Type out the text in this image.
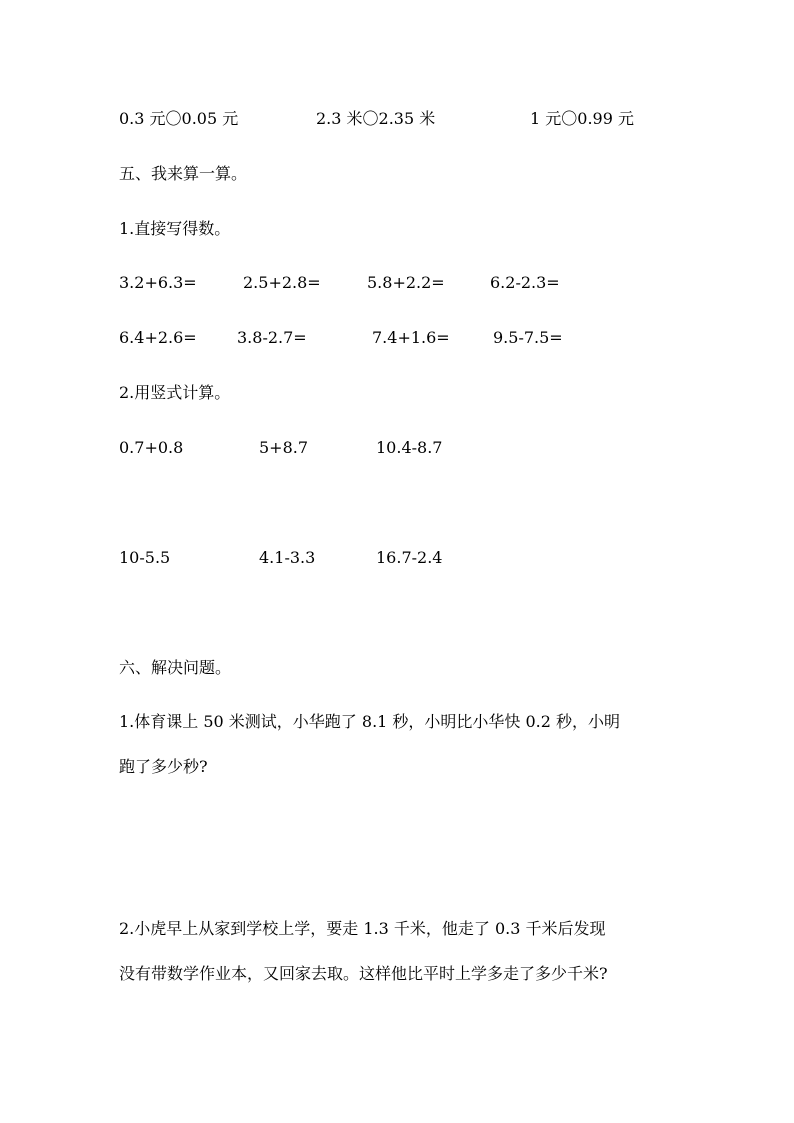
0.3 元〇0.05 元	2.3 米〇2.35 米	1 元〇0.99 元
五、我来算一算。
1.直接写得数。
3.2+6.3=	2.5+2.8=	5.8+2.2=	6.2-2.3=
6.4+2.6=	3.8-2.7=	7.4+1.6=	9.5-7.5=
2.用竖式计算。
0.7+0.8	5+8.7	10.4-8.7
10-5.5	4.1-3.3	16.7-2.4
六、解决问题。
1.体育课上 50 米测试，小华跑了 8.1 秒，小明比小华快 0.2 秒，小明
跑了多少秒?
2.小虎早上从家到学校上学，要走 1.3 千米，他走了 0.3 千米后发现
没有带数学作业本，又回家去取。这样他比平时上学多走了多少千米?
